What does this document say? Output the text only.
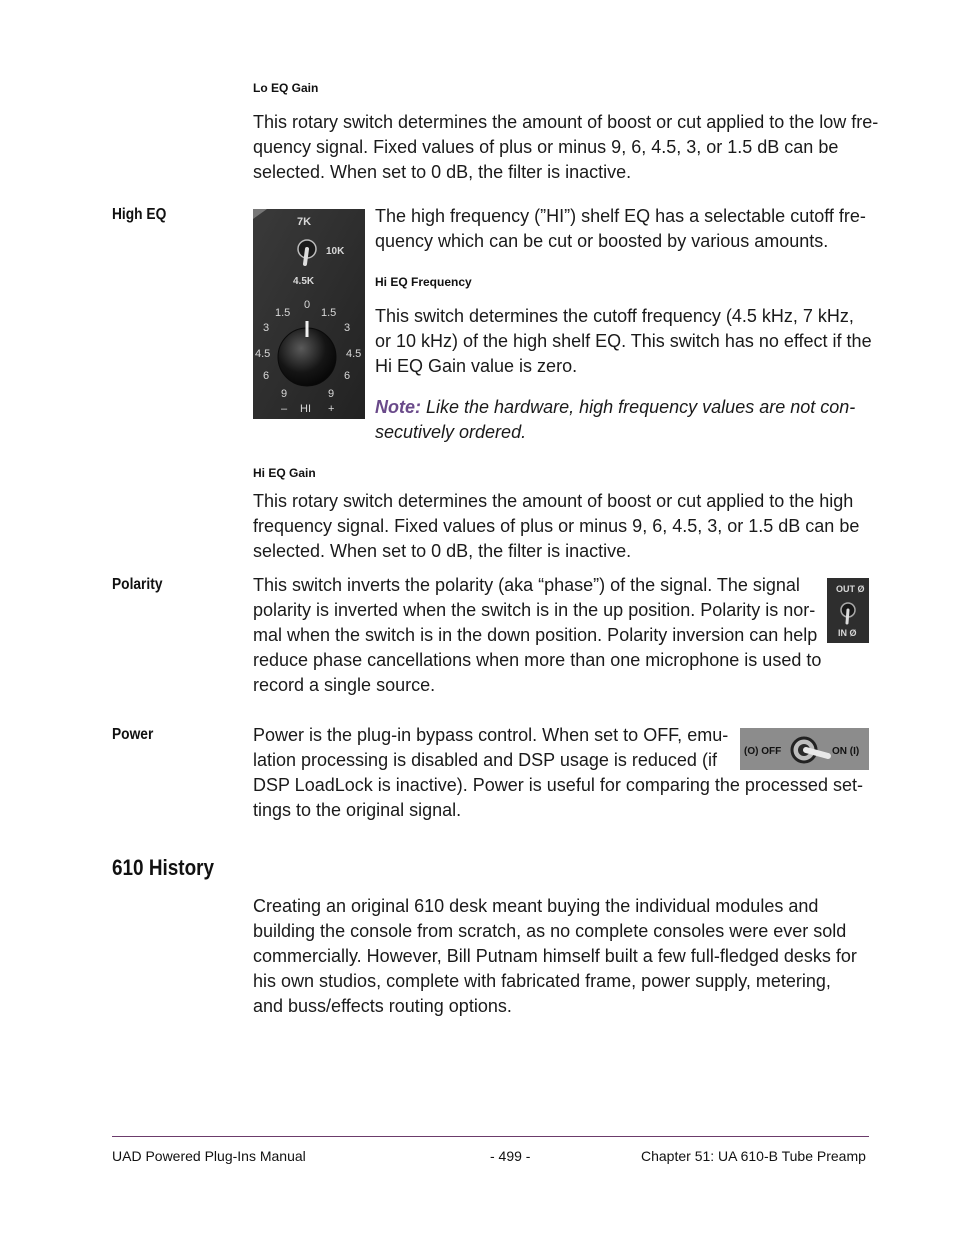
Lo EQ Gain

This rotary switch determines the amount of boost or cut applied to the low fre-
quency signal. Fixed values of plus or minus 9, 6, 4.5, 3, or 1.5 dB can be
selected. When set to 0 dB, the filter is inactive.

High EQ	7K
10K
4.5K
0
1.5	1.5
3	3
4.5	4.5
6	6
9	9
– HI +

The high frequency (”HI”) shelf EQ has a selectable cutoff fre-
quency which can be cut or boosted by various amounts.

Hi EQ Frequency

This switch determines the cutoff frequency (4.5 kHz, 7 kHz,
or 10 kHz) of the high shelf EQ. This switch has no effect if the
Hi EQ Gain value is zero.

Note: Like the hardware, high frequency values are not con-
secutively ordered.

Hi EQ Gain

This rotary switch determines the amount of boost or cut applied to the high
frequency signal. Fixed values of plus or minus 9, 6, 4.5, 3, or 1.5 dB can be
selected. When set to 0 dB, the filter is inactive.

Polarity	This switch inverts the polarity (aka “phase”) of the signal. The signal
polarity is inverted when the switch is in the up position. Polarity is nor-
mal when the switch is in the down position. Polarity inversion can help
reduce phase cancellations when more than one microphone is used to
record a single source.

OUT Ø
IN Ø
Power	Power is the plug-in bypass control. When set to OFF, emu-
lation processing is disabled and DSP usage is reduced (if
DSP LoadLock is inactive). Power is useful for comparing the processed set-
tings to the original signal.

(O) OFF	ON (I)
610 History

Creating an original 610 desk meant buying the individual modules and
building the console from scratch, as no complete consoles were ever sold
commercially. However, Bill Putnam himself built a few full-fledged desks for
his own studios, complete with fabricated frame, power supply, metering,
and buss/effects routing options.

UAD Powered Plug-Ins Manual	- 499 -	Chapter 51: UA 610-B Tube Preamp
